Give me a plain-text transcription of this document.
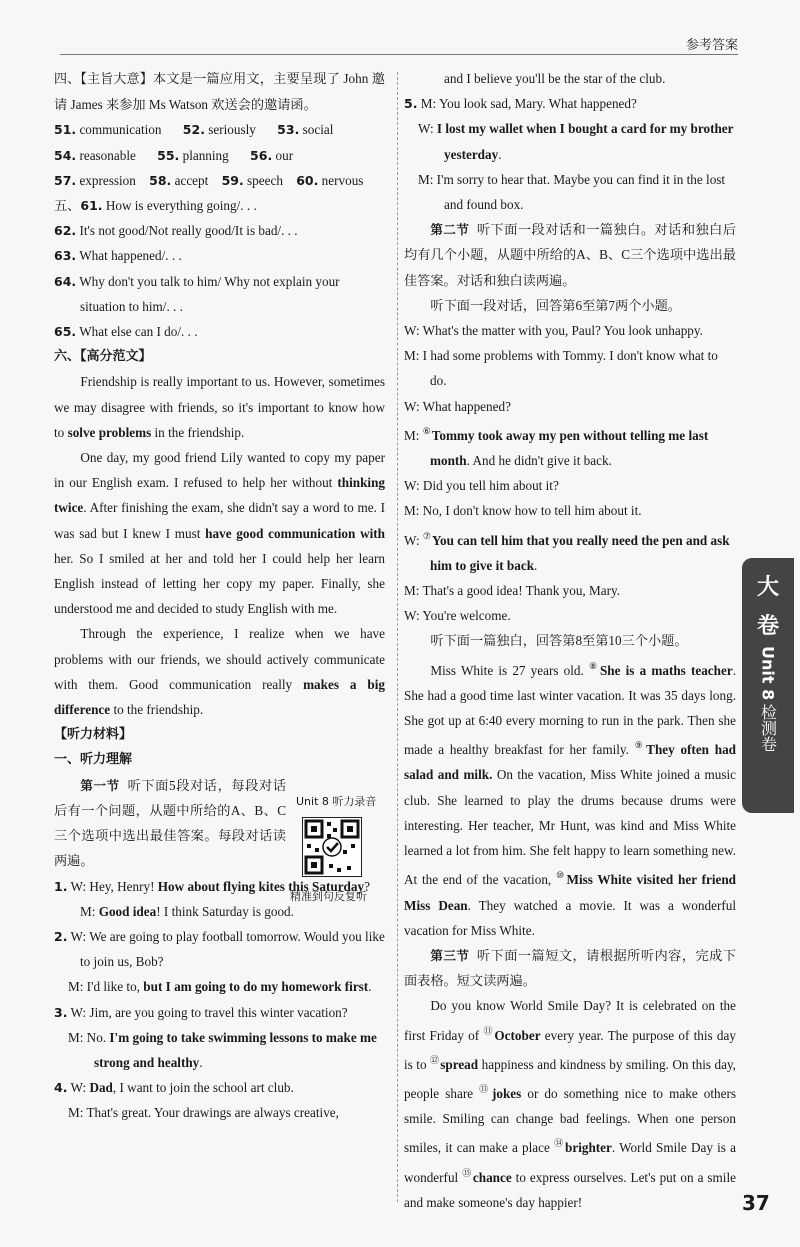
参考答案

四、【主旨大意】本文是一篇应用文，主要呈现了 John 邀请 James 来参加 Ms Watson 欢送会的邀请函。

51. communication 52. seriously 53. social

54. reasonable 55. planning 56. our

57. expression 58. accept 59. speech 60. nervous

五、61. How is everything going/. . .

62. It's not good/Not really good/It is bad/. . .

63. What happened/. . .

64. Why don't you talk to him/ Why not explain your situation to him/. . .

65. What else can I do/. . .

六、【高分范文】

Friendship is really important to us. However, sometimes we may disagree with friends, so it's important to know how to solve problems in the friendship.

One day, my good friend Lily wanted to copy my paper in our English exam. I refused to help her without thinking twice. After finishing the exam, she didn't say a word to me. I was sad but I knew I must have good communication with her. So I smiled at her and told her I could help her learn English instead of letting her copy my paper. Finally, she understood me and decided to study English with me.

Through the experience, I realize when we have problems with our friends, we should actively communicate with them. Good communication really makes a big difference to the friendship.

【听力材料】

一、听力理解

第一节 听下面5段对话，每段对话后有一个问题，从题中所给的A、B、C三个选项中选出最佳答案。每段对话读两遍。

1. W: Hey, Henry! How about flying kites this Saturday?

M: Good idea! I think Saturday is good.

2. W: We are going to play football tomorrow. Would you like to join us, Bob?

M: I'd like to, but I am going to do my homework first.

3. W: Jim, are you going to travel this winter vacation?

M: No. I'm going to take swimming lessons to make me strong and healthy.

4. W: Dad, I want to join the school art club.

M: That's great. Your drawings are always creative,

Unit 8 听力录音
精准到句反复听

and I believe you'll be the star of the club.

5. M: You look sad, Mary. What happened?

W: I lost my wallet when I bought a card for my brother yesterday.

M: I'm sorry to hear that. Maybe you can find it in the lost and found box.

第二节 听下面一段对话和一篇独白。对话和独白后均有几个小题，从题中所给的A、B、C三个选项中选出最佳答案。对话和独白读两遍。

听下面一段对话，回答第6至第7两个小题。

W: What's the matter with you, Paul? You look unhappy.

M: I had some problems with Tommy. I don't know what to do.

W: What happened?

M: ⑥Tommy took away my pen without telling me last month. And he didn't give it back.

W: Did you tell him about it?

M: No, I don't know how to tell him about it.

W: ⑦You can tell him that you really need the pen and ask him to give it back.

M: That's a good idea! Thank you, Mary.

W: You're welcome.

听下面一篇独白，回答第8至第10三个小题。

Miss White is 27 years old. ⑧She is a maths teacher. She had a good time last winter vacation. It was 35 days long. She got up at 6:40 every morning to run in the park. Then she made a healthy breakfast for her family. ⑨They often had salad and milk. On the vacation, Miss White joined a music club. She learned to play the drums because drums were interesting. Her teacher, Mr Hunt, was kind and Miss White learned a lot from him. She felt happy to learn something new. At the end of the vacation, ⑩Miss White visited her friend Miss Dean. They watched a movie. It was a wonderful vacation for Miss White.

第三节 听下面一篇短文，请根据所听内容，完成下面表格。短文读两遍。

Do you know World Smile Day? It is celebrated on the first Friday of ⑪October every year. The purpose of this day is to ⑫spread happiness and kindness by smiling. On this day, people share ⑬jokes or do something nice to make others smile. Smiling can change bad feelings. When one person smiles, it can make a place ⑭brighter. World Smile Day is a wonderful ⑮chance to express ourselves. Let's put on a smile and make someone's day happier!

大
卷
Unit 8
检测卷
37
